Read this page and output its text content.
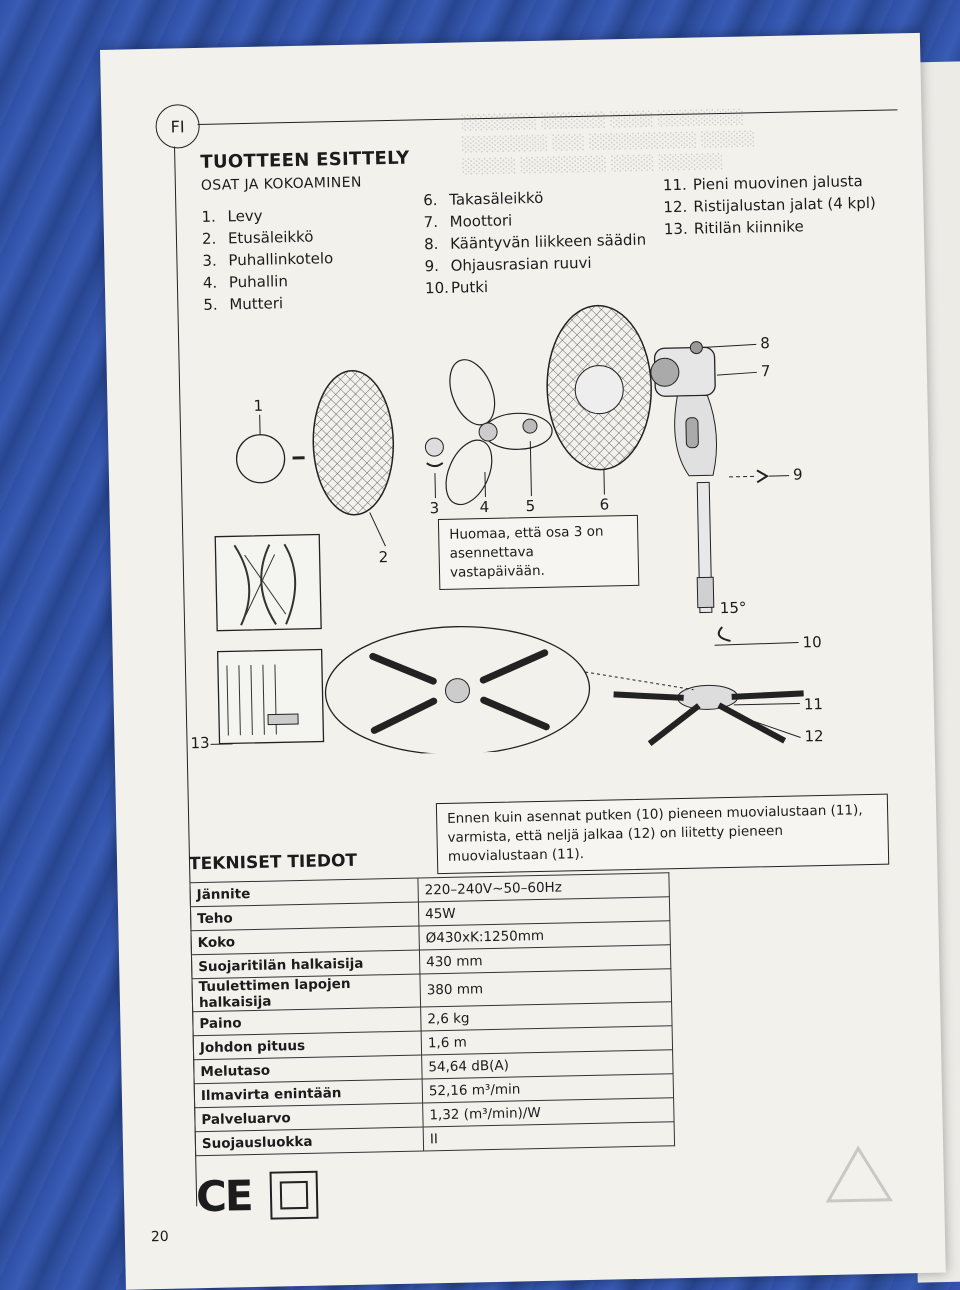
░░░░░░░ ░░░░░░ ░░░░ ░░░░░░░░
░░░░░░░░ ░░░ ░░░░░░░░░░ ░░░░░
░░░░░ ░░░░░░░░ ░░░░ ░░░░░░
FI
TUOTTEEN ESITTELY
OSAT JA KOKOAMINEN
1. Levy
2. Etusäleikkö
3. Puhallinkotelo
4. Puhallin
5. Mutteri
6. Takasäleikkö
7. Moottori
8. Kääntyvän liikkeen säädin
9. Ohjausrasian ruuvi
10. Putki
11. Pieni muovinen jalusta
12. Ristijalustan jalat (4 kpl)
13. Ritilän kiinnike
1
2
3	4 5	6
8
7
9
15°
10
11
12
Huomaa, että osa 3 on asennettava vastapäivään.
13
Ennen kuin asennat putken (10) pieneen muovialustaan (11), varmista, että neljä jalkaa (12) on liitetty pieneen muovialustaan (11).
TEKNISET TIEDOT
Jännite	220–240V~50–60Hz
Teho	45W
Koko	Ø430xK:1250mm
Suojaritilän halkaisija	430 mm
Tuulettimen lapojen halkaisija	380 mm
Paino	2,6 kg
Johdon pituus	1,6 m
Melutaso	54,64 dB(A)
Ilmavirta enintään	52,16 m³/min
Palveluarvo	1,32 (m³/min)/W
Suojausluokka	II
CE
20
